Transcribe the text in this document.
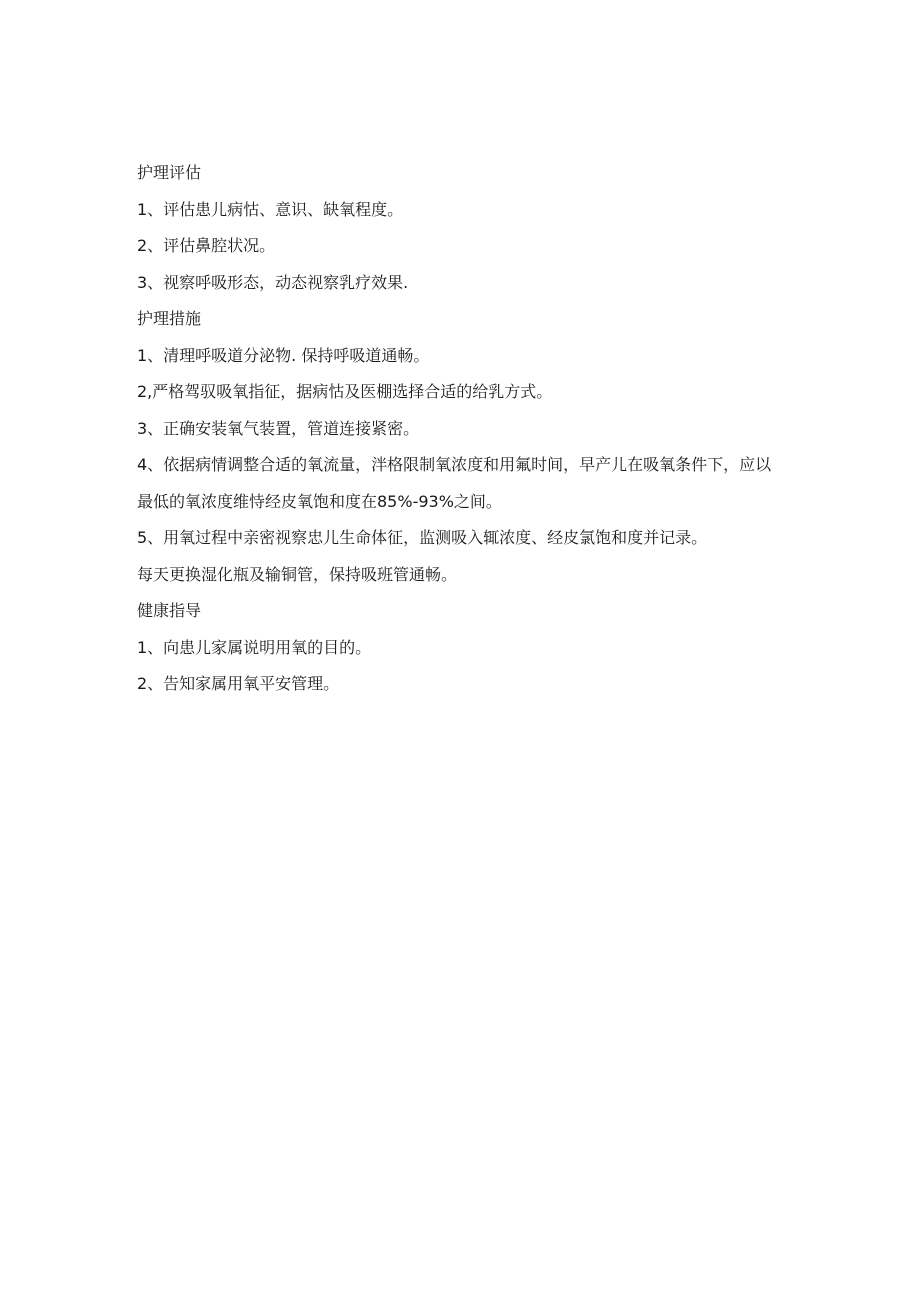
护理评估

1、评估患儿病怙、意识、缺氧程度。

2、评估鼻腔状况。

3、视察呼吸形态，动态视察乳疗效果.

护理措施

1、清理呼吸道分泌物. 保持呼吸道通畅。

2,严格驾驭吸氧指征，据病怙及医棚选择合适的给乳方式。

3、正确安装氧气装置，管道连接紧密。

4、依据病情调整合适的氧流量，泮格限制氧浓度和用氟时间，早产儿在吸氧条件下，应以最低的氧浓度维恃经皮氧饱和度在85%-93%之间。

5、用氧过程中亲密视察忠儿生命体征，监测吸入辄浓度、经皮氯饱和度并记录。

每天更换湿化瓶及输铜管，保持吸班管通畅。

健康指导

1、向患儿家属说明用氧的目的。

2、告知家属用氧平安管理。
